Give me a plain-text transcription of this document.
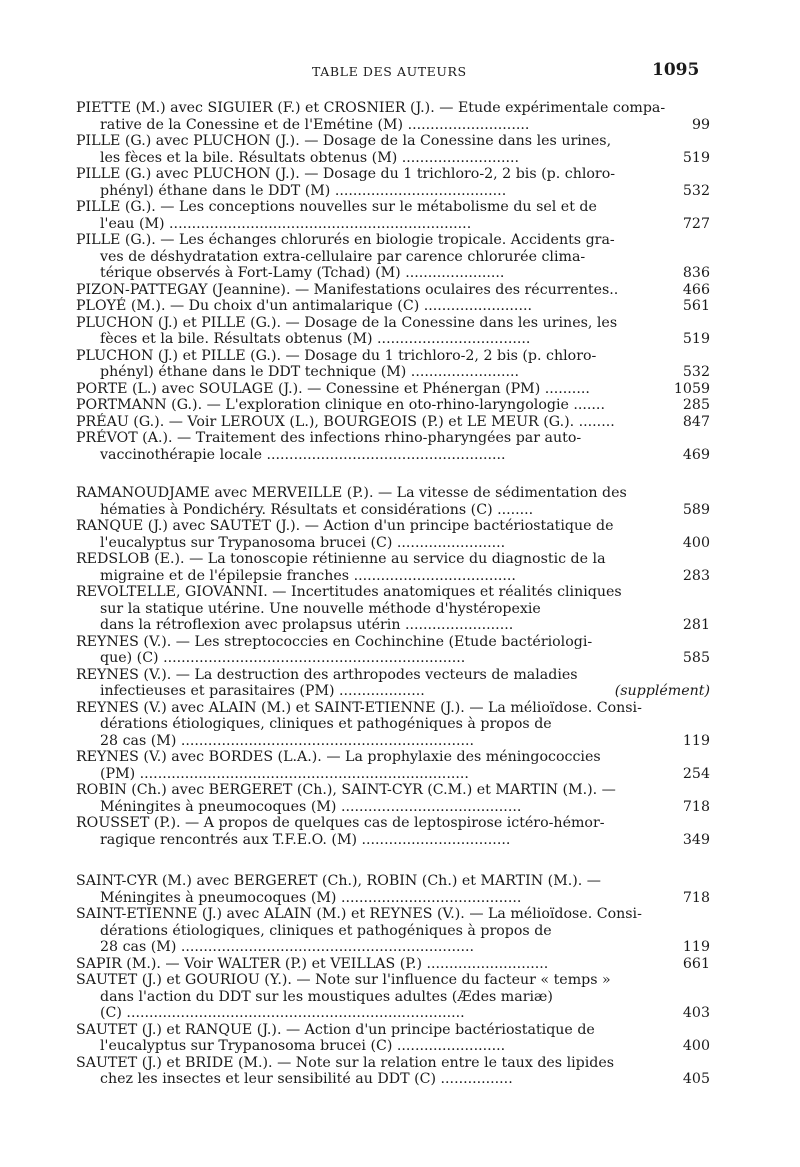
TABLE DES AUTEURS	1095
PIETTE (M.) avec SIGUIER (F.) et CROSNIER (J.). — Etude expérimentale compa-
rative de la Conessine et de l'Emétine (M) ...........................	99
PILLE (G.) avec PLUCHON (J.). — Dosage de la Conessine dans les urines,
les fèces et la bile. Résultats obtenus (M) ..........................	519
PILLE (G.) avec PLUCHON (J.). — Dosage du 1 trichloro-2, 2 bis (p. chloro-
phényl) éthane dans le DDT (M) ......................................	532
PILLE (G.). — Les conceptions nouvelles sur le métabolisme du sel et de
l'eau (M) ...................................................................	727
PILLE (G.). — Les échanges chlorurés en biologie tropicale. Accidents gra-
ves de déshydratation extra-cellulaire par carence chlorurée clima-
térique observés à Fort-Lamy (Tchad) (M) ......................	836
PIZON-PATTEGAY (Jeannine). — Manifestations oculaires des récurrentes..	466
PLOYÉ (M.). — Du choix d'un antimalarique (C) ........................	561
PLUCHON (J.) et PILLE (G.). — Dosage de la Conessine dans les urines, les
fèces et la bile. Résultats obtenus (M) ..................................	519
PLUCHON (J.) et PILLE (G.). — Dosage du 1 trichloro-2, 2 bis (p. chloro-
phényl) éthane dans le DDT technique (M) ........................	532
PORTE (L.) avec SOULAGE (J.). — Conessine et Phénergan (PM) ..........	1059
PORTMANN (G.). — L'exploration clinique en oto-rhino-laryngologie .......	285
PRÉAU (G.). — Voir LEROUX (L.), BOURGEOIS (P.) et LE MEUR (G.). ........	847
PRÉVOT (A.). — Traitement des infections rhino-pharyngées par auto-
vaccinothérapie locale .....................................................	469
RAMANOUDJAME avec MERVEILLE (P.). — La vitesse de sédimentation des
hématies à Pondichéry. Résultats et considérations (C) ........	589
RANQUE (J.) avec SAUTET (J.). — Action d'un principe bactériostatique de
l'eucalyptus sur Trypanosoma brucei (C) ........................	400
REDSLOB (E.). — La tonoscopie rétinienne au service du diagnostic de la
migraine et de l'épilepsie franches ....................................	283
REVOLTELLE, GIOVANNI. — Incertitudes anatomiques et réalités cliniques
sur la statique utérine. Une nouvelle méthode d'hystéropexie
dans la rétroflexion avec prolapsus utérin ........................	281
REYNES (V.). — Les streptococcies en Cochinchine (Etude bactériologi-
que) (C) ...................................................................	585
REYNES (V.). — La destruction des arthropodes vecteurs de maladies
infectieuses et parasitaires (PM) ...................	(supplément)
REYNES (V.) avec ALAIN (M.) et SAINT-ETIENNE (J.). — La mélioïdose. Consi-
dérations étiologiques, cliniques et pathogéniques à propos de
28 cas (M) .................................................................	119
REYNES (V.) avec BORDES (L.A.). — La prophylaxie des méningococcies
(PM) .........................................................................	254
ROBIN (Ch.) avec BERGERET (Ch.), SAINT-CYR (C.M.) et MARTIN (M.). —
Méningites à pneumocoques (M) ........................................	718
ROUSSET (P.). — A propos de quelques cas de leptospirose ictéro-hémor-
ragique rencontrés aux T.F.E.O. (M) .................................	349
SAINT-CYR (M.) avec BERGERET (Ch.), ROBIN (Ch.) et MARTIN (M.). —
Méningites à pneumocoques (M) ........................................	718
SAINT-ETIENNE (J.) avec ALAIN (M.) et REYNES (V.). — La mélioïdose. Consi-
dérations étiologiques, cliniques et pathogéniques à propos de
28 cas (M) .................................................................	119
SAPIR (M.). — Voir WALTER (P.) et VEILLAS (P.) ...........................	661
SAUTET (J.) et GOURIOU (Y.). — Note sur l'influence du facteur « temps »
dans l'action du DDT sur les moustiques adultes (Ædes mariæ)
(C) ...........................................................................	403
SAUTET (J.) et RANQUE (J.). — Action d'un principe bactériostatique de
l'eucalyptus sur Trypanosoma brucei (C) ........................	400
SAUTET (J.) et BRIDE (M.). — Note sur la relation entre le taux des lipides
chez les insectes et leur sensibilité au DDT (C) ................	405
